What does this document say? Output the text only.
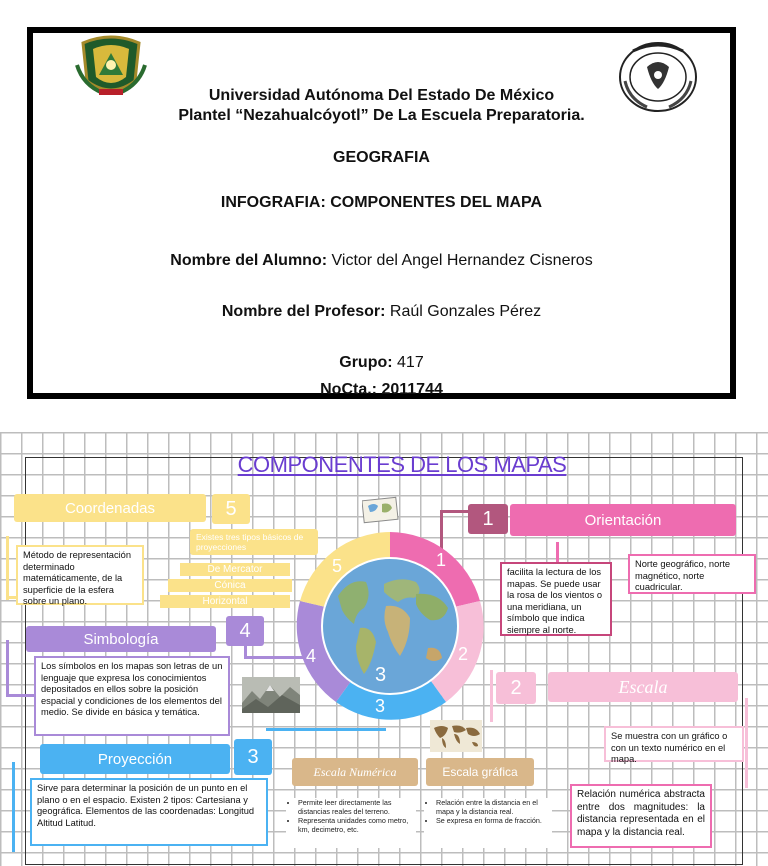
Universidad Autónoma Del Estado De México
Plantel “Nezahualcóyotl” De La Escuela Preparatoria.
GEOGRAFIA
INFOGRAFIA: COMPONENTES DEL MAPA
Nombre del Alumno: Victor del Angel Hernandez Cisneros
Nombre del Profesor: Raúl Gonzales Pérez
Grupo: 417
NoCta.: 2011744
COMPONENTES DE LOS MAPAS
Coordenadas	5
Método de representación determinado matemáticamente, de la superficie de la esfera sobre un plano.
Existes tres tipos básicos de proyecciones
De Mercator
Cónica
Horizontal
Simbología	4
Los símbolos en los mapas son letras de un lenguaje que expresa los conocimientos depositados en ellos sobre la posición espacial y condiciones de los elementos del medio. Se divide en básica y temática.
Proyección	3
Sirve para determinar la posición de un punto en el plano o en el espacio. Existen 2 tipos: Cartesiana y geográfica. Elementos de las coordenadas: Longitud Altitud Latitud.
1
2
3
3
4
5
1	Orientación
facilita la lectura de los mapas. Se puede usar la rosa de los vientos o una meridiana, un símbolo que indica siempre al norte.
Norte geográfico, norte magnético, norte cuadricular.
2	Escala
Se muestra con un gráfico o con un texto numérico en el mapa.
Relación numérica abstracta entre dos magnitudes: la distancia representada en el mapa y la distancia real.
Escala Numérica	Escala gráfica
• Permite leer directamente las distancias reales del terreno.
• Representa unidades como metro, km, decimetro, etc.
• Relación entre la distancia en el mapa y la distancia real.
• Se expresa en forma de fracción.
